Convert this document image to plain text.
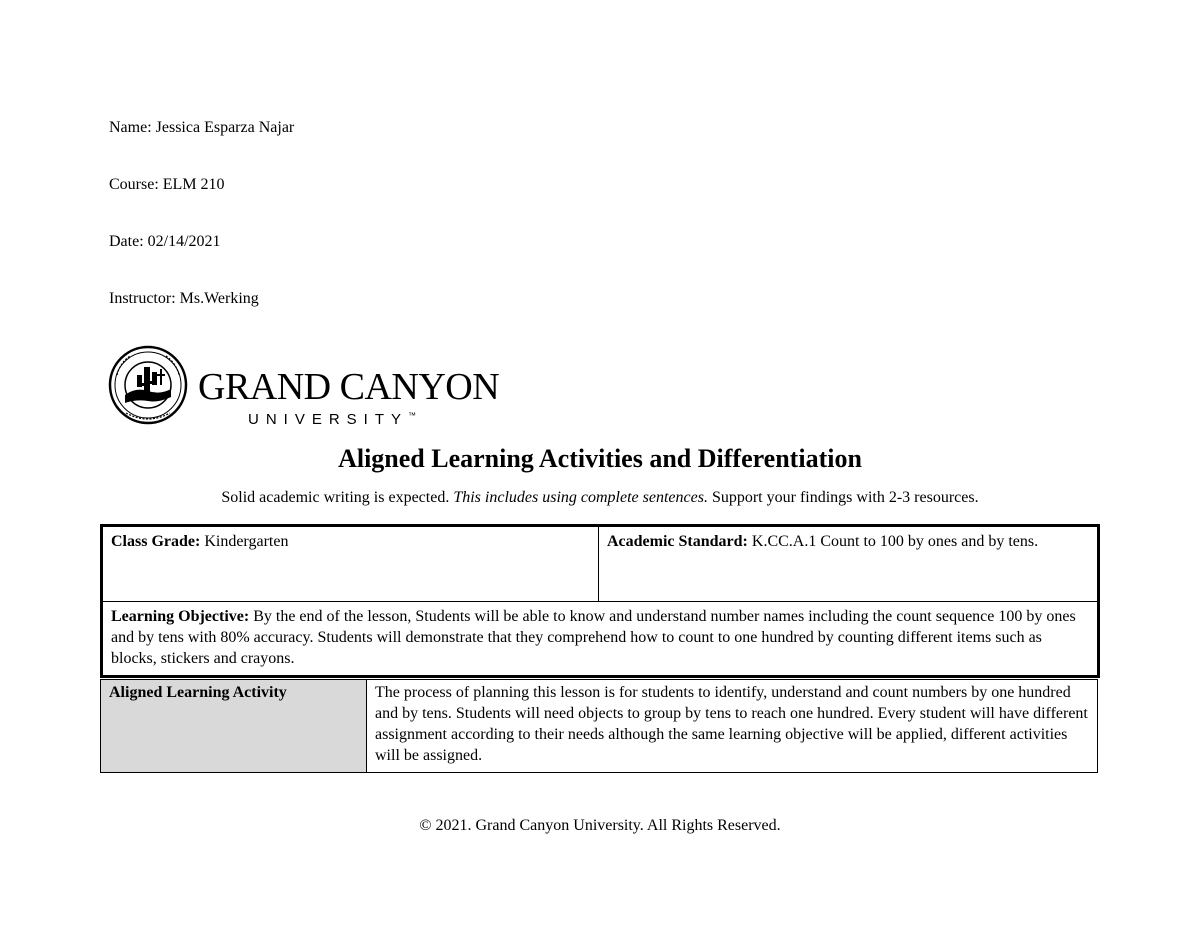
Name: Jessica Esparza Najar

Course: ELM 210

Date: 02/14/2021

Instructor: Ms.Werking

GRAND CANYON
UNIVERSITY™
Aligned Learning Activities and Differentiation

Solid academic writing is expected. This includes using complete sentences. Support your findings with 2-3 resources.

Class Grade: Kindergarten	Academic Standard: K.CC.A.1 Count to 100 by ones and by tens.
Learning Objective: By the end of the lesson, Students will be able to know and understand number names including the count sequence 100 by ones and by tens with 80% accuracy. Students will demonstrate that they comprehend how to count to one hundred by counting different items such as blocks, stickers and crayons.
Aligned Learning Activity	The process of planning this lesson is for students to identify, understand and count numbers by one hundred and by tens. Students will need objects to group by tens to reach one hundred. Every student will have different assignment according to their needs although the same learning objective will be applied, different activities will be assigned.

© 2021. Grand Canyon University. All Rights Reserved.
